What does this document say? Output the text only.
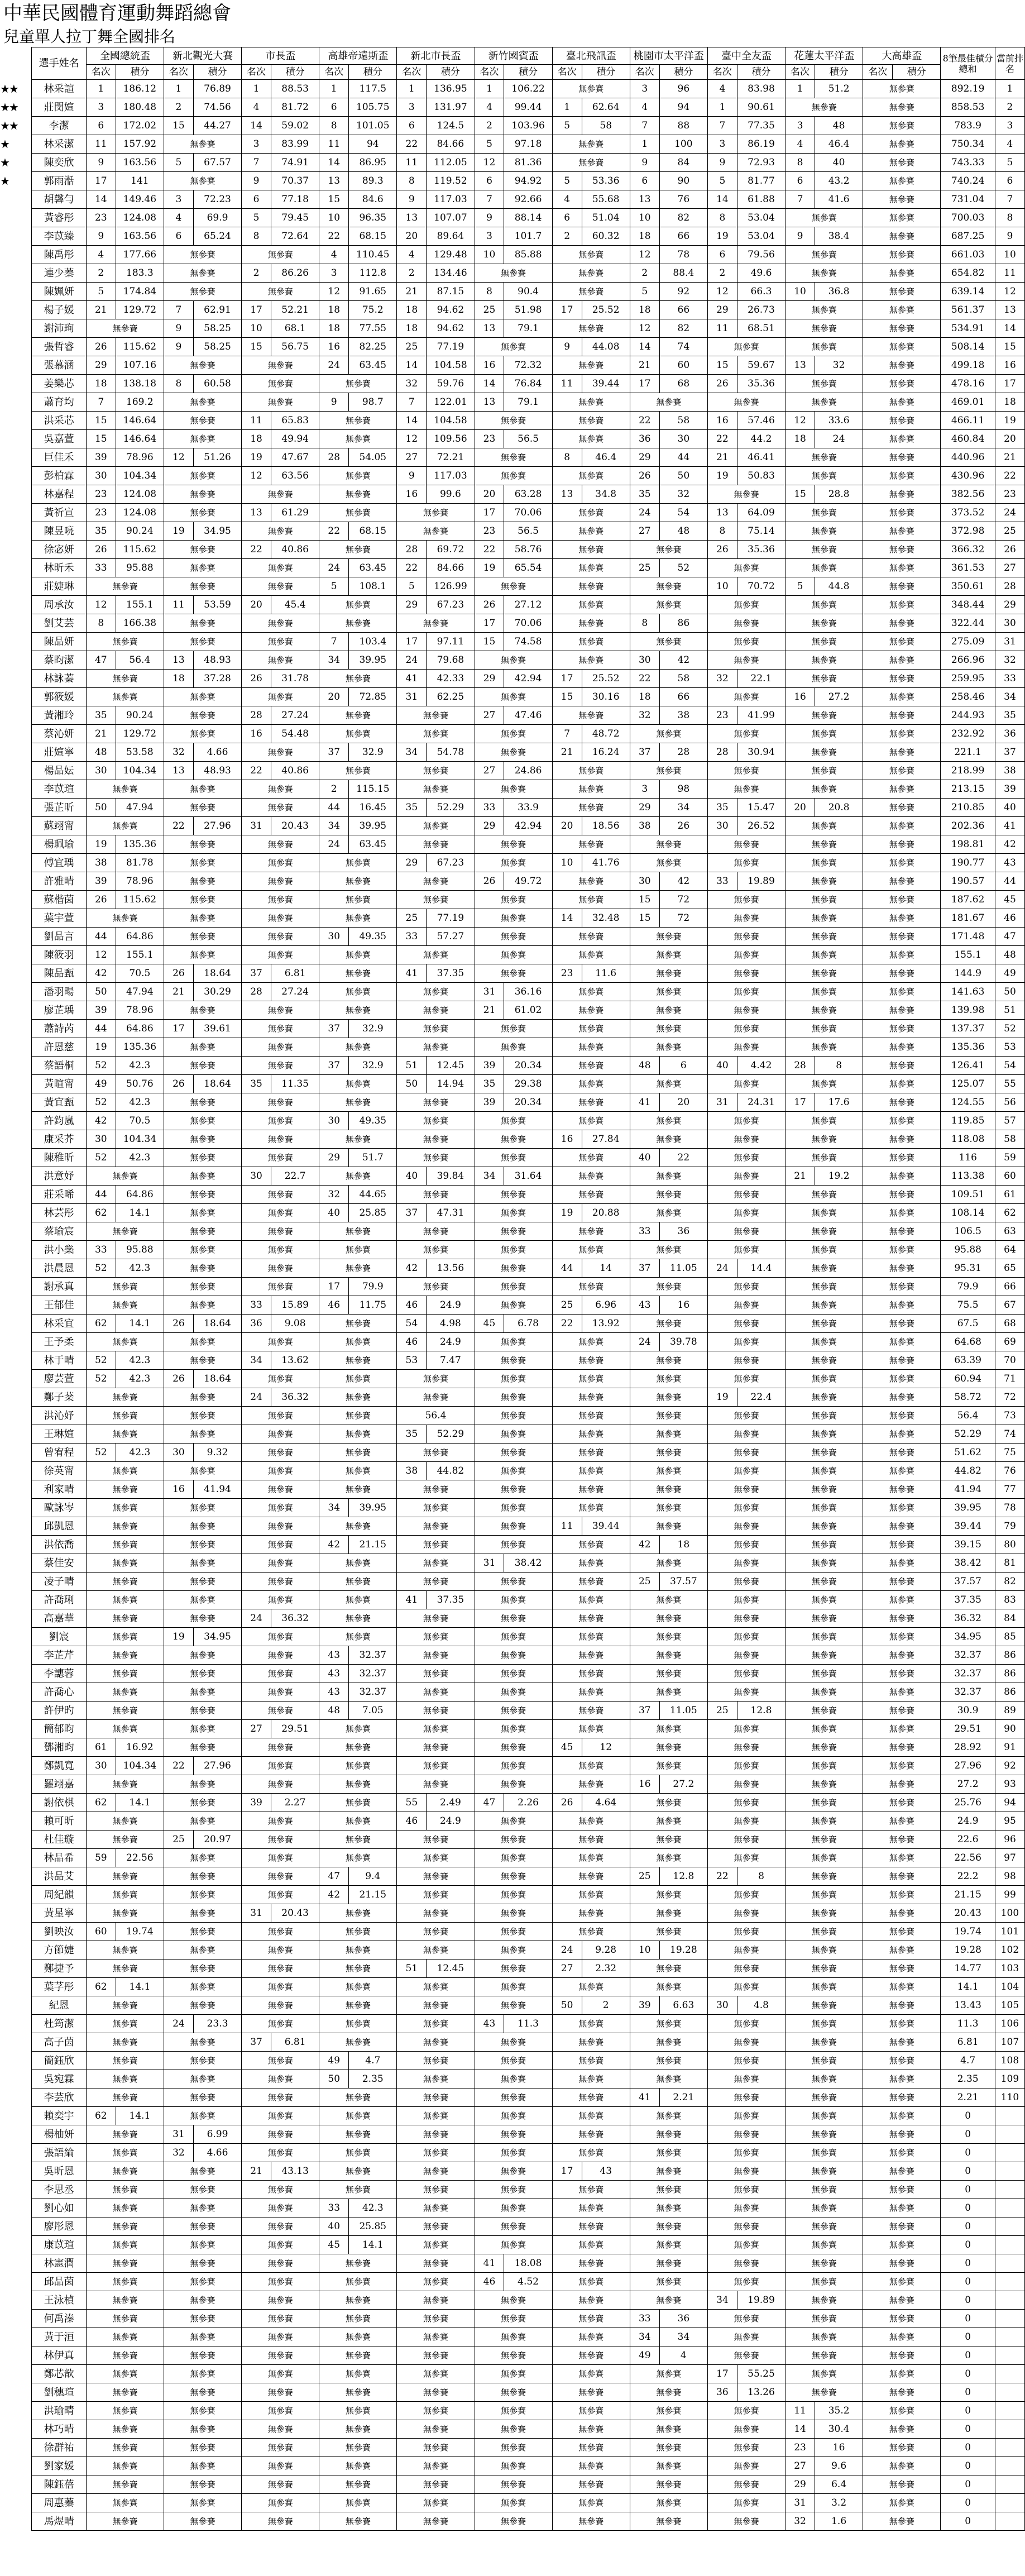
中華民國體育運動舞蹈總會
兒童單人拉丁舞全國排名
	選手姓名	全國總統盃		新北觀光大賽		市長盃		高雄帝遠斯盃		新北市長盃		新竹國賓盃		臺北飛訊盃		桃園市太平洋盃		臺中全友盃		花蓮太平洋盃		大高雄盃		8筆最佳積分總和	當前排名
		名次	積分	名次	積分	名次	積分	名次	積分	名次	積分	名次	積分	名次	積分	名次	積分	名次	積分	名次	積分	名次	積分		
★★	林采諠	1	186.12	1	76.89	1	88.53	1	117.5	1	136.95	1	106.22	無參賽		3	96	4	83.98	1	51.2	無參賽		892.19	1
★★	莊閔媗	3	180.48	2	74.56	4	81.72	6	105.75	3	131.97	4	99.44	1	62.64	4	94	1	90.61	無參賽		無參賽		858.53	2
★★	李潔	6	172.02	15	44.27	14	59.02	8	101.05	6	124.5	2	103.96	5	58	7	88	7	77.35	3	48	無參賽		783.9	3
★	林采潔	11	157.92	無參賽		3	83.99	11	94	22	84.66	5	97.18	無參賽		1	100	3	86.19	4	46.4	無參賽		750.34	4
★	陳奕欣	9	163.56	5	67.57	7	74.91	14	86.95	11	112.05	12	81.36	無參賽		9	84	9	72.93	8	40	無參賽		743.33	5
★	郭雨湉	17	141	無參賽		9	70.37	13	89.3	8	119.52	6	94.92	5	53.36	6	90	5	81.77	6	43.2	無參賽		740.24	6
	胡馨勻	14	149.46	3	72.23	6	77.18	15	84.6	9	117.03	7	92.66	4	55.68	13	76	14	61.88	7	41.6	無參賽		731.04	7
	黃睿彤	23	124.08	4	69.9	5	79.45	10	96.35	13	107.07	9	88.14	6	51.04	10	82	8	53.04	無參賽		無參賽		700.03	8
	李苡臻	9	163.56	6	65.24	8	72.64	22	68.15	20	89.64	3	101.7	2	60.32	18	66	19	53.04	9	38.4	無參賽		687.25	9
	陳禹彤	4	177.66	無參賽		無參賽		4	110.45	4	129.48	10	85.88	無參賽		12	78	6	79.56	無參賽		無參賽		661.03	10
	連少蓁	2	183.3	無參賽		2	86.26	3	112.8	2	134.46	無參賽		無參賽		2	88.4	2	49.6	無參賽		無參賽		654.82	11
	陳姵妍	5	174.84	無參賽		無參賽		12	91.65	21	87.15	8	90.4	無參賽		5	92	12	66.3	10	36.8	無參賽		639.14	12
	楊子媛	21	129.72	7	62.91	17	52.21	18	75.2	18	94.62	25	51.98	17	25.52	18	66	29	26.73	無參賽		無參賽		561.37	13
	謝沛珣	無參賽		9	58.25	10	68.1	18	77.55	18	94.62	13	79.1	無參賽		12	82	11	68.51	無參賽		無參賽		534.91	14
	張哲睿	26	115.62	9	58.25	15	56.75	16	82.25	25	77.19	無參賽		9	44.08	14	74	無參賽		無參賽		無參賽		508.14	15
	張慕涵	29	107.16	無參賽		無參賽		24	63.45	14	104.58	16	72.32	無參賽		21	60	15	59.67	13	32	無參賽		499.18	16
	姜樂芯	18	138.18	8	60.58	無參賽		無參賽		32	59.76	14	76.84	11	39.44	17	68	26	35.36	無參賽		無參賽		478.16	17
	蕭育均	7	169.2	無參賽		無參賽		9	98.7	7	122.01	13	79.1	無參賽		無參賽		無參賽		無參賽		無參賽		469.01	18
	洪采芯	15	146.64	無參賽		11	65.83	無參賽		14	104.58	無參賽		無參賽		22	58	16	57.46	12	33.6	無參賽		466.11	19
	吳嘉萱	15	146.64	無參賽		18	49.94	無參賽		12	109.56	23	56.5	無參賽		36	30	22	44.2	18	24	無參賽		460.84	20
	巨佳禾	39	78.96	12	51.26	19	47.67	28	54.05	27	72.21	無參賽		8	46.4	29	44	21	46.41	無參賽		無參賽		440.96	21
	彭柏霖	30	104.34	無參賽		12	63.56	無參賽		9	117.03	無參賽		無參賽		26	50	19	50.83	無參賽		無參賽		430.96	22
	林嘉程	23	124.08	無參賽		無參賽		無參賽		16	99.6	20	63.28	13	34.8	35	32	無參賽		15	28.8	無參賽		382.56	23
	黃祈宣	23	124.08	無參賽		13	61.29	無參賽		無參賽		17	70.06	無參賽		24	54	13	64.09	無參賽		無參賽		373.52	24
	陳昱喨	35	90.24	19	34.95	無參賽		22	68.15	無參賽		23	56.5	無參賽		27	48	8	75.14	無參賽		無參賽		372.98	25
	徐宓妍	26	115.62	無參賽		22	40.86	無參賽		28	69.72	22	58.76	無參賽		無參賽		26	35.36	無參賽		無參賽		366.32	26
	林昕禾	33	95.88	無參賽		無參賽		24	63.45	22	84.66	19	65.54	無參賽		25	52	無參賽		無參賽		無參賽		361.53	27
	莊婕琳	無參賽		無參賽		無參賽		5	108.1	5	126.99	無參賽		無參賽		無參賽		10	70.72	5	44.8	無參賽		350.61	28
	周承汝	12	155.1	11	53.59	20	45.4	無參賽		29	67.23	26	27.12	無參賽		無參賽		無參賽		無參賽		無參賽		348.44	29
	劉艾芸	8	166.38	無參賽		無參賽		無參賽		無參賽		17	70.06	無參賽		8	86	無參賽		無參賽		無參賽		322.44	30
	陳品妍	無參賽		無參賽		無參賽		7	103.4	17	97.11	15	74.58	無參賽		無參賽		無參賽		無參賽		無參賽		275.09	31
	蔡昀潔	47	56.4	13	48.93	無參賽		34	39.95	24	79.68	無參賽		無參賽		30	42	無參賽		無參賽		無參賽		266.96	32
	林詠蓁	無參賽		18	37.28	26	31.78	無參賽		41	42.33	29	42.94	17	25.52	22	58	32	22.1	無參賽		無參賽		259.95	33
	郭筱媛	無參賽		無參賽		無參賽		20	72.85	31	62.25	無參賽		15	30.16	18	66	無參賽		16	27.2	無參賽		258.46	34
	黃湘玲	35	90.24	無參賽		28	27.24	無參賽		無參賽		27	47.46	無參賽		32	38	23	41.99	無參賽		無參賽		244.93	35
	蔡沁妍	21	129.72	無參賽		16	54.48	無參賽		無參賽		無參賽		7	48.72	無參賽		無參賽		無參賽		無參賽		232.92	36
	莊媗寧	48	53.58	32	4.66	無參賽		37	32.9	34	54.78	無參賽		21	16.24	37	28	28	30.94	無參賽		無參賽		221.1	37
	楊品妘	30	104.34	13	48.93	22	40.86	無參賽		無參賽		27	24.86	無參賽		無參賽		無參賽		無參賽		無參賽		218.99	38
	李苡瑄	無參賽		無參賽		無參賽		2	115.15	無參賽		無參賽		無參賽		3	98	無參賽		無參賽		無參賽		213.15	39
	張芷昕	50	47.94	無參賽		無參賽		44	16.45	35	52.29	33	33.9	無參賽		29	34	35	15.47	20	20.8	無參賽		210.85	40
	蘇翊甯	無參賽		22	27.96	31	20.43	34	39.95	無參賽		29	42.94	20	18.56	38	26	30	26.52	無參賽		無參賽		202.36	41
	楊珮瑜	19	135.36	無參賽		無參賽		24	63.45	無參賽		無參賽		無參賽		無參賽		無參賽		無參賽		無參賽		198.81	42
	傅宜瑀	38	81.78	無參賽		無參賽		無參賽		29	67.23	無參賽		10	41.76	無參賽		無參賽		無參賽		無參賽		190.77	43
	許雅晴	39	78.96	無參賽		無參賽		無參賽		無參賽		26	49.72	無參賽		30	42	33	19.89	無參賽		無參賽		190.57	44
	蘇楷茵	26	115.62	無參賽		無參賽		無參賽		無參賽		無參賽		無參賽		15	72	無參賽		無參賽		無參賽		187.62	45
	葉宇萱	無參賽		無參賽		無參賽		無參賽		25	77.19	無參賽		14	32.48	15	72	無參賽		無參賽		無參賽		181.67	46
	劉品言	44	64.86	無參賽		無參賽		30	49.35	33	57.27	無參賽		無參賽		無參賽		無參賽		無參賽		無參賽		171.48	47
	陳筱羽	12	155.1	無參賽		無參賽		無參賽		無參賽		無參賽		無參賽		無參賽		無參賽		無參賽		無參賽		155.1	48
	陳品甄	42	70.5	26	18.64	37	6.81	無參賽		41	37.35	無參賽		23	11.6	無參賽		無參賽		無參賽		無參賽		144.9	49
	潘羽暘	50	47.94	21	30.29	28	27.24	無參賽		無參賽		31	36.16	無參賽		無參賽		無參賽		無參賽		無參賽		141.63	50
	廖芷瑀	39	78.96	無參賽		無參賽		無參賽		無參賽		21	61.02	無參賽		無參賽		無參賽		無參賽		無參賽		139.98	51
	蕭詩芮	44	64.86	17	39.61	無參賽		37	32.9	無參賽		無參賽		無參賽		無參賽		無參賽		無參賽		無參賽		137.37	52
	許恩慈	19	135.36	無參賽		無參賽		無參賽		無參賽		無參賽		無參賽		無參賽		無參賽		無參賽		無參賽		135.36	53
	蔡語桐	52	42.3	無參賽		無參賽		37	32.9	51	12.45	39	20.34	無參賽		48	6	40	4.42	28	8	無參賽		126.41	54
	黃暄甯	49	50.76	26	18.64	35	11.35	無參賽		50	14.94	35	29.38	無參賽		無參賽		無參賽		無參賽		無參賽		125.07	55
	黃宜甄	52	42.3	無參賽		無參賽		無參賽		無參賽		39	20.34	無參賽		41	20	31	24.31	17	17.6	無參賽		124.55	56
	許鈞嵐	42	70.5	無參賽		無參賽		30	49.35	無參賽		無參賽		無參賽		無參賽		無參賽		無參賽		無參賽		119.85	57
	康采芥	30	104.34	無參賽		無參賽		無參賽		無參賽		無參賽		16	27.84	無參賽		無參賽		無參賽		無參賽		118.08	58
	陳稚昕	52	42.3	無參賽		無參賽		29	51.7	無參賽		無參賽		無參賽		40	22	無參賽		無參賽		無參賽		116	59
	洪意妤	無參賽		無參賽		30	22.7	無參賽		40	39.84	34	31.64	無參賽		無參賽		無參賽		21	19.2	無參賽		113.38	60
	莊采晞	44	64.86	無參賽		無參賽		32	44.65	無參賽		無參賽		無參賽		無參賽		無參賽		無參賽		無參賽		109.51	61
	林芸彤	62	14.1	無參賽		無參賽		40	25.85	37	47.31	無參賽		19	20.88	無參賽		無參賽		無參賽		無參賽		108.14	62
	蔡瑜宸	無參賽		無參賽		無參賽		無參賽		無參賽		無參賽		無參賽		33	36	無參賽		無參賽		無參賽		106.5	63
	洪小橤	33	95.88	無參賽		無參賽		無參賽		無參賽		無參賽		無參賽		無參賽		無參賽		無參賽		無參賽		95.88	64
	洪晨恩	52	42.3	無參賽		無參賽		無參賽		42	13.56	無參賽		44	14	37	11.05	24	14.4	無參賽		無參賽		95.31	65
	謝承真	無參賽		無參賽		無參賽		17	79.9	無參賽		無參賽		無參賽		無參賽		無參賽		無參賽		無參賽		79.9	66
	王郁佳	無參賽		無參賽		33	15.89	46	11.75	46	24.9	無參賽		25	6.96	43	16	無參賽		無參賽		無參賽		75.5	67
	林采宜	62	14.1	26	18.64	36	9.08	無參賽		54	4.98	45	6.78	22	13.92	無參賽		無參賽		無參賽		無參賽		67.5	68
	王予柔	無參賽		無參賽		無參賽		無參賽		46	24.9	無參賽		無參賽		24	39.78	無參賽		無參賽		無參賽		64.68	69
	林于晴	52	42.3	無參賽		34	13.62	無參賽		53	7.47	無參賽		無參賽		無參賽		無參賽		無參賽		無參賽		63.39	70
	廖芸萱	52	42.3	26	18.64	無參賽		無參賽		無參賽		無參賽		無參賽		無參賽		無參賽		無參賽		無參賽		60.94	71
	鄭子棻	無參賽		無參賽		24	36.32	無參賽		無參賽		無參賽		無參賽		無參賽		19	22.4	無參賽		無參賽		58.72	72
	洪沁妤	無參賽		無參賽		無參賽		無參賽		56.4		無參賽		無參賽		無參賽		無參賽		無參賽		無參賽		56.4	73
	王琳媗	無參賽		無參賽		無參賽		無參賽		35	52.29	無參賽		無參賽		無參賽		無參賽		無參賽		無參賽		52.29	74
	曾宥程	52	42.3	30	9.32	無參賽		無參賽		無參賽		無參賽		無參賽		無參賽		無參賽		無參賽		無參賽		51.62	75
	徐英甯	無參賽		無參賽		無參賽		無參賽		38	44.82	無參賽		無參賽		無參賽		無參賽		無參賽		無參賽		44.82	76
	利家晴	無參賽		16	41.94	無參賽		無參賽		無參賽		無參賽		無參賽		無參賽		無參賽		無參賽		無參賽		41.94	77
	歐詠岑	無參賽		無參賽		無參賽		34	39.95	無參賽		無參賽		無參賽		無參賽		無參賽		無參賽		無參賽		39.95	78
	邱凱恩	無參賽		無參賽		無參賽		無參賽		無參賽		無參賽		11	39.44	無參賽		無參賽		無參賽		無參賽		39.44	79
	洪依喬	無參賽		無參賽		無參賽		42	21.15	無參賽		無參賽		無參賽		42	18	無參賽		無參賽		無參賽		39.15	80
	蔡佳安	無參賽		無參賽		無參賽		無參賽		無參賽		31	38.42	無參賽		無參賽		無參賽		無參賽		無參賽		38.42	81
	凌子晴	無參賽		無參賽		無參賽		無參賽		無參賽		無參賽		無參賽		25	37.57	無參賽		無參賽		無參賽		37.57	82
	許喬琍	無參賽		無參賽		無參賽		無參賽		41	37.35	無參賽		無參賽		無參賽		無參賽		無參賽		無參賽		37.35	83
	高嘉華	無參賽		無參賽		24	36.32	無參賽		無參賽		無參賽		無參賽		無參賽		無參賽		無參賽		無參賽		36.32	84
	劉宸	無參賽		19	34.95	無參賽		無參賽		無參賽		無參賽		無參賽		無參賽		無參賽		無參賽		無參賽		34.95	85
	李芷芹	無參賽		無參賽		無參賽		43	32.37	無參賽		無參賽		無參賽		無參賽		無參賽		無參賽		無參賽		32.37	86
	李譓蓉	無參賽		無參賽		無參賽		43	32.37	無參賽		無參賽		無參賽		無參賽		無參賽		無參賽		無參賽		32.37	86
	許喬心	無參賽		無參賽		無參賽		43	32.37	無參賽		無參賽		無參賽		無參賽		無參賽		無參賽		無參賽		32.37	86
	許伊旳	無參賽		無參賽		無參賽		48	7.05	無參賽		無參賽		無參賽		37	11.05	25	12.8	無參賽		無參賽		30.9	89
	簡郁昀	無參賽		無參賽		27	29.51	無參賽		無參賽		無參賽		無參賽		無參賽		無參賽		無參賽		無參賽		29.51	90
	鄧湘昀	61	16.92	無參賽		無參賽		無參賽		無參賽		無參賽		45	12	無參賽		無參賽		無參賽		無參賽		28.92	91
	鄭凱寬	30	104.34	22	27.96	無參賽		無參賽		無參賽		無參賽		無參賽		無參賽		無參賽		無參賽		無參賽		27.96	92
	羅翊嘉	無參賽		無參賽		無參賽		無參賽		無參賽		無參賽		無參賽		16	27.2	無參賽		無參賽		無參賽		27.2	93
	謝依棋	62	14.1	無參賽		39	2.27	無參賽		55	2.49	47	2.26	26	4.64	無參賽		無參賽		無參賽		無參賽		25.76	94
	賴可昕	無參賽		無參賽		無參賽		無參賽		46	24.9	無參賽		無參賽		無參賽		無參賽		無參賽		無參賽		24.9	95
	杜佳璇	無參賽		25	20.97	無參賽		無參賽		無參賽		無參賽		無參賽		無參賽		無參賽		無參賽		無參賽		22.6	96
	林品希	59	22.56	無參賽		無參賽		無參賽		無參賽		無參賽		無參賽		無參賽		無參賽		無參賽		無參賽		22.56	97
	洪品艾	無參賽		無參賽		無參賽		47	9.4	無參賽		無參賽		無參賽		25	12.8	22	8	無參賽		無參賽		22.2	98
	周紀韻	無參賽		無參賽		無參賽		42	21.15	無參賽		無參賽		無參賽		無參賽		無參賽		無參賽		無參賽		21.15	99
	黃星寧	無參賽		無參賽		31	20.43	無參賽		無參賽		無參賽		無參賽		無參賽		無參賽		無參賽		無參賽		20.43	100
	劉映汝	60	19.74	無參賽		無參賽		無參賽		無參賽		無參賽		無參賽		無參賽		無參賽		無參賽		無參賽		19.74	101
	方節婕	無參賽		無參賽		無參賽		無參賽		無參賽		無參賽		24	9.28	10	19.28	無參賽		無參賽		無參賽		19.28	102
	鄭捷予	無參賽		無參賽		無參賽		無參賽		51	12.45	無參賽		27	2.32	無參賽		無參賽		無參賽		無參賽		14.77	103
	葉芓彤	62	14.1	無參賽		無參賽		無參賽		無參賽		無參賽		無參賽		無參賽		無參賽		無參賽		無參賽		14.1	104
	紀恩	無參賽		無參賽		無參賽		無參賽		無參賽		無參賽		50	2	39	6.63	30	4.8	無參賽		無參賽		13.43	105
	杜筠潔	無參賽		24	23.3	無參賽		無參賽		無參賽		43	11.3	無參賽		無參賽		無參賽		無參賽		無參賽		11.3	106
	高子茵	無參賽		無參賽		37	6.81	無參賽		無參賽		無參賽		無參賽		無參賽		無參賽		無參賽		無參賽		6.81	107
	簡鈺欣	無參賽		無參賽		無參賽		49	4.7	無參賽		無參賽		無參賽		無參賽		無參賽		無參賽		無參賽		4.7	108
	吳宛霖	無參賽		無參賽		無參賽		50	2.35	無參賽		無參賽		無參賽		無參賽		無參賽		無參賽		無參賽		2.35	109
	李芸欣	無參賽		無參賽		無參賽		無參賽		無參賽		無參賽		無參賽		41	2.21	無參賽		無參賽		無參賽		2.21	110
	賴奕宇	62	14.1	無參賽		無參賽		無參賽		無參賽		無參賽		無參賽		無參賽		無參賽		無參賽		無參賽		0	
	楊柚妍	無參賽		31	6.99	無參賽		無參賽		無參賽		無參賽		無參賽		無參賽		無參賽		無參賽		無參賽		0	
	張語綸	無參賽		32	4.66	無參賽		無參賽		無參賽		無參賽		無參賽		無參賽		無參賽		無參賽		無參賽		0	
	吳昕恩	無參賽		無參賽		21	43.13	無參賽		無參賽		無參賽		17	43	無參賽		無參賽		無參賽		無參賽		0	
	李思丞	無參賽		無參賽		無參賽		無參賽		無參賽		無參賽		無參賽		無參賽		無參賽		無參賽		無參賽		0	
	劉心如	無參賽		無參賽		無參賽		33	42.3	無參賽		無參賽		無參賽		無參賽		無參賽		無參賽		無參賽		0	
	廖彤恩	無參賽		無參賽		無參賽		40	25.85	無參賽		無參賽		無參賽		無參賽		無參賽		無參賽		無參賽		0	
	康苡瑄	無參賽		無參賽		無參賽		45	14.1	無參賽		無參賽		無參賽		無參賽		無參賽		無參賽		無參賽		0	
	林憲潤	無參賽		無參賽		無參賽		無參賽		無參賽		41	18.08	無參賽		無參賽		無參賽		無參賽		無參賽		0	
	邱品茵	無參賽		無參賽		無參賽		無參賽		無參賽		46	4.52	無參賽		無參賽		無參賽		無參賽		無參賽		0	
	王泳楨	無參賽		無參賽		無參賽		無參賽		無參賽		無參賽		無參賽		無參賽		34	19.89	無參賽		無參賽		0	
	何禹溱	無參賽		無參賽		無參賽		無參賽		無參賽		無參賽		無參賽		33	36	無參賽		無參賽		無參賽		0	
	黃于洹	無參賽		無參賽		無參賽		無參賽		無參賽		無參賽		無參賽		34	34	無參賽		無參賽		無參賽		0	
	林伊真	無參賽		無參賽		無參賽		無參賽		無參賽		無參賽		無參賽		49	4	無參賽		無參賽		無參賽		0	
	鄭芯歆	無參賽		無參賽		無參賽		無參賽		無參賽		無參賽		無參賽		無參賽		17	55.25	無參賽		無參賽		0	
	劉穗瑄	無參賽		無參賽		無參賽		無參賽		無參賽		無參賽		無參賽		無參賽		36	13.26	無參賽		無參賽		0	
	洪瑜晴	無參賽		無參賽		無參賽		無參賽		無參賽		無參賽		無參賽		無參賽		無參賽		11	35.2	無參賽		0	
	林巧晴	無參賽		無參賽		無參賽		無參賽		無參賽		無參賽		無參賽		無參賽		無參賽		14	30.4	無參賽		0	
	徐群祐	無參賽		無參賽		無參賽		無參賽		無參賽		無參賽		無參賽		無參賽		無參賽		23	16	無參賽		0	
	劉家媛	無參賽		無參賽		無參賽		無參賽		無參賽		無參賽		無參賽		無參賽		無參賽		27	9.6	無參賽		0	
	陳鈺蓓	無參賽		無參賽		無參賽		無參賽		無參賽		無參賽		無參賽		無參賽		無參賽		29	6.4	無參賽		0	
	周惠蓁	無參賽		無參賽		無參賽		無參賽		無參賽		無參賽		無參賽		無參賽		無參賽		31	3.2	無參賽		0	
	馬煜晴	無參賽		無參賽		無參賽		無參賽		無參賽		無參賽		無參賽		無參賽		無參賽		32	1.6	無參賽		0	
